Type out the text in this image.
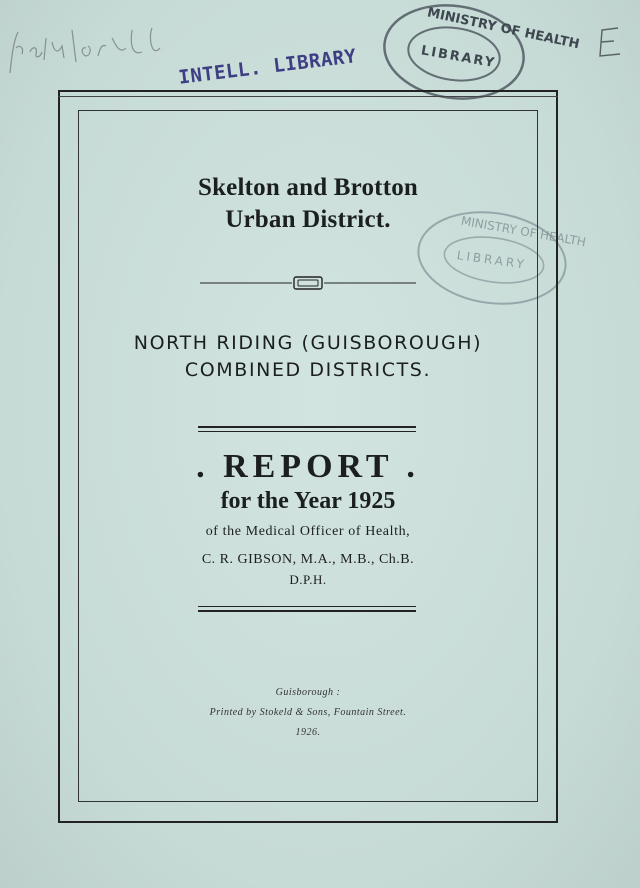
INTELL. LIBRARY
MINISTRY OF HEALTH
LIBRARY
MINISTRY OF HEALTH
LIBRARY
Skelton and Brotton
Urban District.
NORTH RIDING (GUISBOROUGH)
COMBINED DISTRICTS.
. REPORT .
for the Year 1925
of the Medical Officer of Health,
C. R. GIBSON, M.A., M.B., Ch.B.
D.P.H.
Guisborough :
Printed by Stokeld & Sons, Fountain Street.
1926.
